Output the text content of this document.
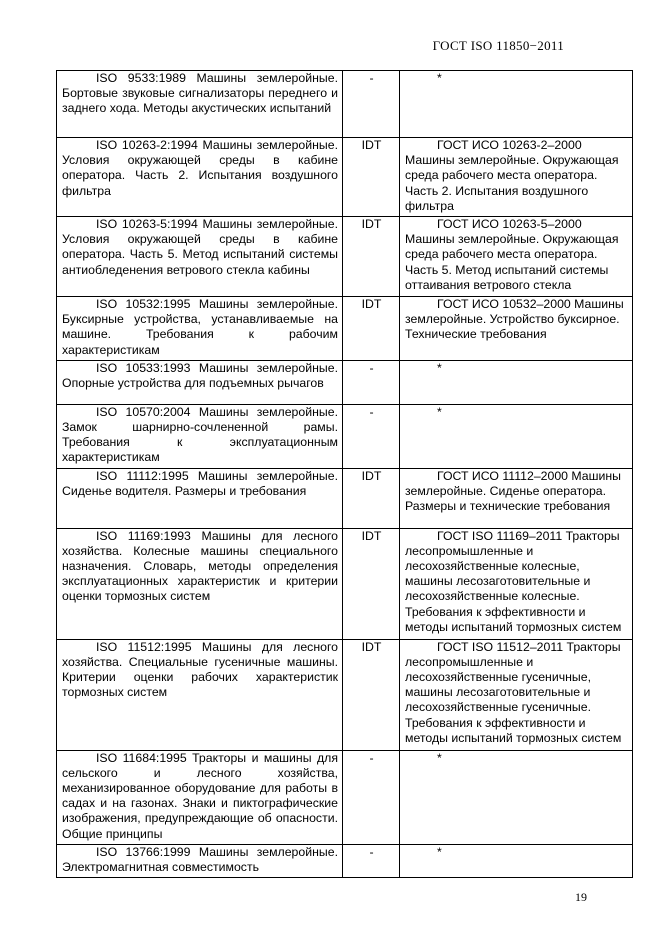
ГОСТ ISO 11850−2011
ISO 9533:1989 Машины землеройные. Бортовые звуковые сигнализаторы переднего и заднего хода. Методы акустических испытаний	-	*
ISO 10263-2:1994 Машины землеройные. Условия окружающей среды в кабине оператора. Часть 2. Испытания воздушного фильтра	IDT	ГОСТ ИСО 10263-2–2000 Машины землеройные. Окружающая среда рабочего места оператора. Часть 2. Испытания воздушного фильтра
ISO 10263-5:1994 Машины землеройные. Условия окружающей среды в кабине оператора. Часть 5. Метод испытаний системы антиобледенения ветрового стекла кабины	IDT	ГОСТ ИСО 10263-5–2000 Машины землеройные. Окружающая среда рабочего места оператора. Часть 5. Метод испытаний системы оттаивания ветрового стекла
ISO 10532:1995 Машины землеройные. Буксирные устройства, устанавливаемые на машине. Требования к рабочим характеристикам	IDT	ГОСТ ИСО 10532–2000 Машины землеройные. Устройство буксирное. Технические требования
ISO 10533:1993 Машины землеройные. Опорные устройства для подъемных рычагов	-	*
ISO 10570:2004 Машины землеройные. Замок шарнирно-сочлененной рамы. Требования к эксплуатационным характеристикам	-	*
ISO 11112:1995 Машины землеройные. Сиденье водителя. Размеры и требования	IDT	ГОСТ ИСО 11112–2000 Машины землеройные. Сиденье оператора. Размеры и технические требования
ISO 11169:1993 Машины для лесного хозяйства. Колесные машины специального назначения. Словарь, методы определения эксплуатационных характеристик и критерии оценки тормозных систем	IDT	ГОСТ ISO 11169–2011 Тракторы лесопромышленные и лесохозяйственные колесные, машины лесозаготовительные и лесохозяйственные колесные. Требования к эффективности и методы испытаний тормозных систем
ISO 11512:1995 Машины для лесного хозяйства. Специальные гусеничные машины. Критерии оценки рабочих характеристик тормозных систем	IDT	ГОСТ ISO 11512–2011 Тракторы лесопромышленные и лесохозяйственные гусеничные, машины лесозаготовительные и лесохозяйственные гусеничные. Требования к эффективности и методы испытаний тормозных систем
ISO 11684:1995 Тракторы и машины для сельского и лесного хозяйства, механизированное оборудование для работы в садах и на газонах. Знаки и пиктографические изображения, предупреждающие об опасности. Общие принципы	-	*
ISO 13766:1999 Машины землеройные. Электромагнитная совместимость	-	*
19
